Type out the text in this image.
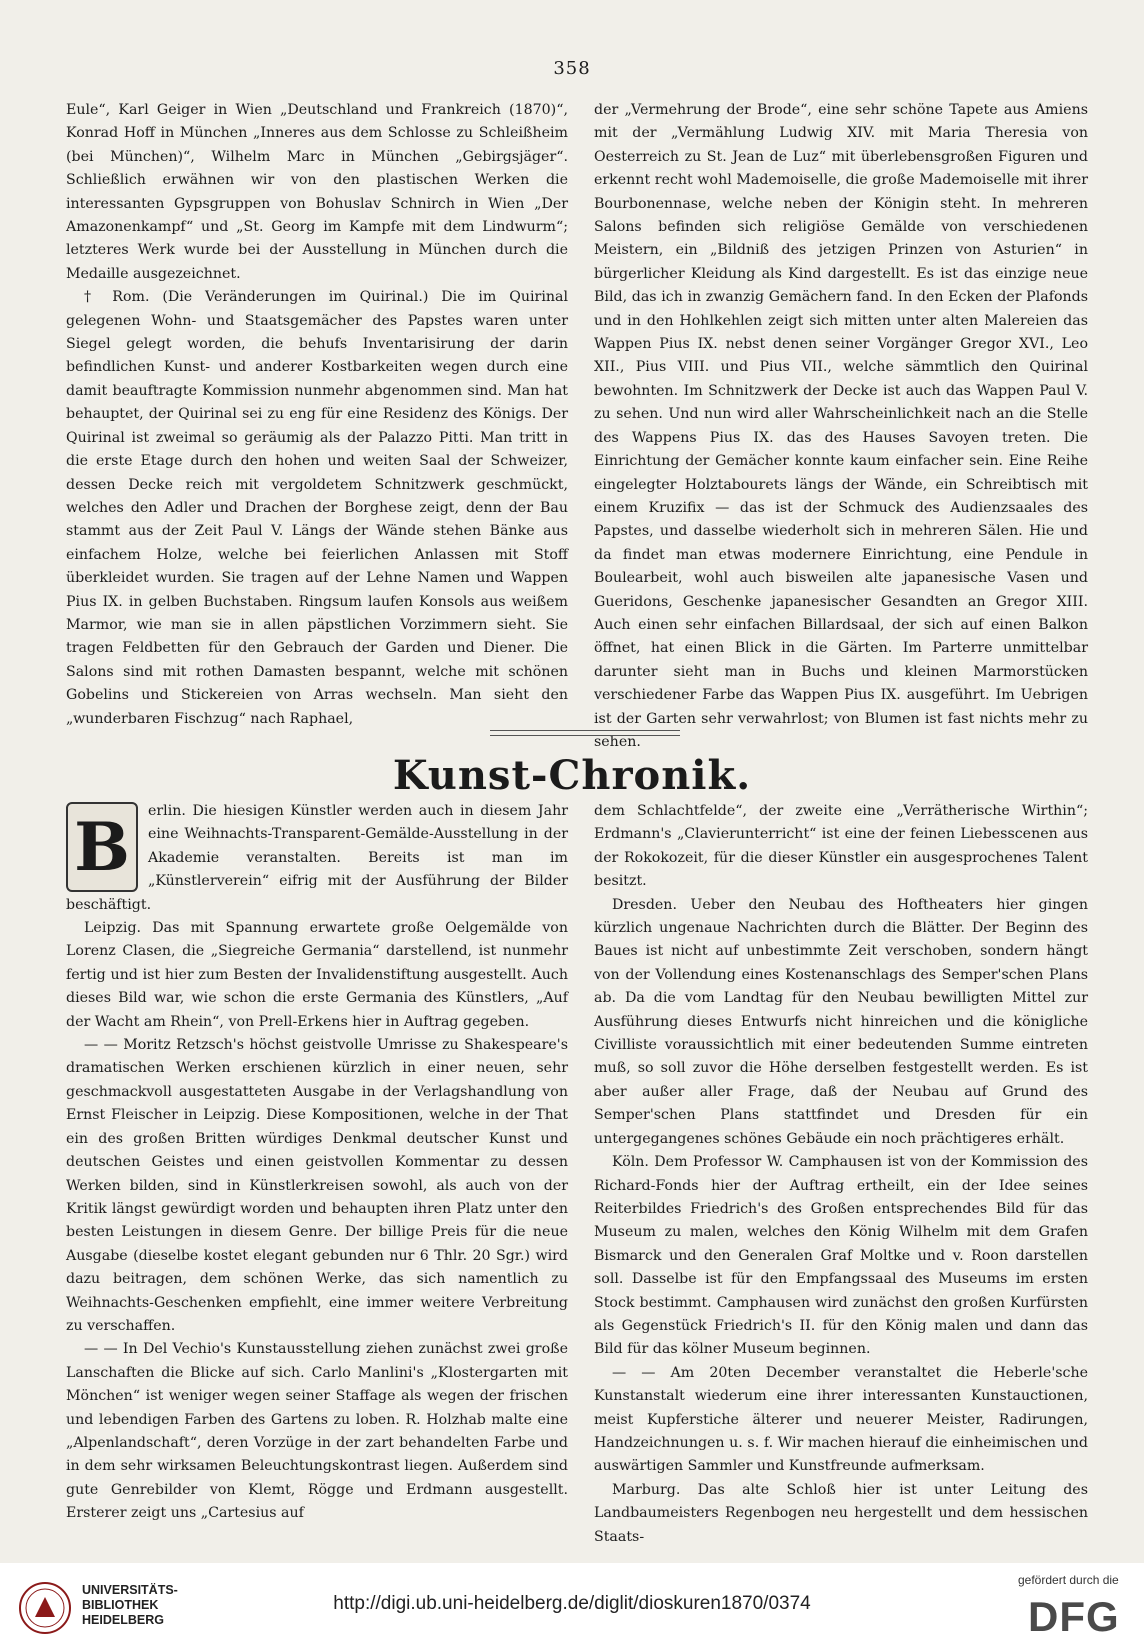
358

Eule“, Karl Geiger in Wien „Deutschland und Frankreich (1870)“, Konrad Hoff in München „Inneres aus dem Schlosse zu Schleißheim (bei München)“, Wilhelm Marc in München „Gebirgsjäger“. Schließlich erwähnen wir von den plastischen Werken die interessanten Gypsgruppen von Bohuslav Schnirch in Wien „Der Amazonenkampf“ und „St. Georg im Kampfe mit dem Lindwurm“; letzteres Werk wurde bei der Ausstellung in München durch die Medaille ausgezeichnet.

† Rom. (Die Veränderungen im Quirinal.) Die im Quirinal gelegenen Wohn- und Staatsgemächer des Papstes waren unter Siegel gelegt worden, die behufs Inventarisirung der darin befindlichen Kunst- und anderer Kostbarkeiten wegen durch eine damit beauftragte Kommission nunmehr abgenommen sind. Man hat behauptet, der Quirinal sei zu eng für eine Residenz des Königs. Der Quirinal ist zweimal so geräumig als der Palazzo Pitti. Man tritt in die erste Etage durch den hohen und weiten Saal der Schweizer, dessen Decke reich mit vergoldetem Schnitzwerk geschmückt, welches den Adler und Drachen der Borghese zeigt, denn der Bau stammt aus der Zeit Paul V. Längs der Wände stehen Bänke aus einfachem Holze, welche bei feierlichen Anlassen mit Stoff überkleidet wurden. Sie tragen auf der Lehne Namen und Wappen Pius IX. in gelben Buchstaben. Ringsum laufen Konsols aus weißem Marmor, wie man sie in allen päpstlichen Vorzimmern sieht. Sie tragen Feldbetten für den Gebrauch der Garden und Diener. Die Salons sind mit rothen Damasten bespannt, welche mit schönen Gobelins und Stickereien von Arras wechseln. Man sieht den „wunderbaren Fischzug“ nach Raphael,

der „Vermehrung der Brode“, eine sehr schöne Tapete aus Amiens mit der „Vermählung Ludwig XIV. mit Maria Theresia von Oesterreich zu St. Jean de Luz“ mit überlebensgroßen Figuren und erkennt recht wohl Mademoiselle, die große Mademoiselle mit ihrer Bourbonennase, welche neben der Königin steht. In mehreren Salons befinden sich religiöse Gemälde von verschiedenen Meistern, ein „Bildniß des jetzigen Prinzen von Asturien“ in bürgerlicher Kleidung als Kind dargestellt. Es ist das einzige neue Bild, das ich in zwanzig Gemächern fand. In den Ecken der Plafonds und in den Hohlkehlen zeigt sich mitten unter alten Malereien das Wappen Pius IX. nebst denen seiner Vorgänger Gregor XVI., Leo XII., Pius VIII. und Pius VII., welche sämmtlich den Quirinal bewohnten. Im Schnitzwerk der Decke ist auch das Wappen Paul V. zu sehen. Und nun wird aller Wahrscheinlichkeit nach an die Stelle des Wappens Pius IX. das des Hauses Savoyen treten. Die Einrichtung der Gemächer konnte kaum einfacher sein. Eine Reihe eingelegter Holztabourets längs der Wände, ein Schreibtisch mit einem Kruzifix — das ist der Schmuck des Audienzsaales des Papstes, und dasselbe wiederholt sich in mehreren Sälen. Hie und da findet man etwas modernere Einrichtung, eine Pendule in Boulearbeit, wohl auch bisweilen alte japanesische Vasen und Gueridons, Geschenke japanesischer Gesandten an Gregor XIII. Auch einen sehr einfachen Billardsaal, der sich auf einen Balkon öffnet, hat einen Blick in die Gärten. Im Parterre unmittelbar darunter sieht man in Buchs und kleinen Marmorstücken verschiedener Farbe das Wappen Pius IX. ausgeführt. Im Uebrigen ist der Garten sehr verwahrlost; von Blumen ist fast nichts mehr zu sehen.

Kunst-Chronik.
B	erlin. Die hiesigen Künstler werden auch in diesem Jahr eine Weihnachts-Transparent-Gemälde-Ausstellung in der Akademie veranstalten. Bereits ist man im „Künstlerverein“ eifrig mit der Ausführung der Bilder beschäftigt.

Leipzig. Das mit Spannung erwartete große Oelgemälde von Lorenz Clasen, die „Siegreiche Germania“ darstellend, ist nunmehr fertig und ist hier zum Besten der Invalidenstiftung ausgestellt. Auch dieses Bild war, wie schon die erste Germania des Künstlers, „Auf der Wacht am Rhein“, von Prell-Erkens hier in Auftrag gegeben.

— — Moritz Retzsch's höchst geistvolle Umrisse zu Shakespeare's dramatischen Werken erschienen kürzlich in einer neuen, sehr geschmackvoll ausgestatteten Ausgabe in der Verlagshandlung von Ernst Fleischer in Leipzig. Diese Kompositionen, welche in der That ein des großen Britten würdiges Denkmal deutscher Kunst und deutschen Geistes und einen geistvollen Kommentar zu dessen Werken bilden, sind in Künstlerkreisen sowohl, als auch von der Kritik längst gewürdigt worden und behaupten ihren Platz unter den besten Leistungen in diesem Genre. Der billige Preis für die neue Ausgabe (dieselbe kostet elegant gebunden nur 6 Thlr. 20 Sgr.) wird dazu beitragen, dem schönen Werke, das sich namentlich zu Weihnachts-Geschenken empfiehlt, eine immer weitere Verbreitung zu verschaffen.

— — In Del Vechio's Kunstausstellung ziehen zunächst zwei große Lanschaften die Blicke auf sich. Carlo Manlini's „Klostergarten mit Mönchen“ ist weniger wegen seiner Staffage als wegen der frischen und lebendigen Farben des Gartens zu loben. R. Holzhab malte eine „Alpenlandschaft“, deren Vorzüge in der zart behandelten Farbe und in dem sehr wirksamen Beleuchtungskontrast liegen. Außerdem sind gute Genrebilder von Klemt, Rögge und Erdmann ausgestellt. Ersterer zeigt uns „Cartesius auf

dem Schlachtfelde“, der zweite eine „Verrätherische Wirthin“; Erdmann's „Clavierunterricht“ ist eine der feinen Liebesscenen aus der Rokokozeit, für die dieser Künstler ein ausgesprochenes Talent besitzt.

Dresden. Ueber den Neubau des Hoftheaters hier gingen kürzlich ungenaue Nachrichten durch die Blätter. Der Beginn des Baues ist nicht auf unbestimmte Zeit verschoben, sondern hängt von der Vollendung eines Kostenanschlags des Semper'schen Plans ab. Da die vom Landtag für den Neubau bewilligten Mittel zur Ausführung dieses Entwurfs nicht hinreichen und die königliche Civilliste voraussichtlich mit einer bedeutenden Summe eintreten muß, so soll zuvor die Höhe derselben festgestellt werden. Es ist aber außer aller Frage, daß der Neubau auf Grund des Semper'schen Plans stattfindet und Dresden für ein untergegangenes schönes Gebäude ein noch prächtigeres erhält.

Köln. Dem Professor W. Camphausen ist von der Kommission des Richard-Fonds hier der Auftrag ertheilt, ein der Idee seines Reiterbildes Friedrich's des Großen entsprechendes Bild für das Museum zu malen, welches den König Wilhelm mit dem Grafen Bismarck und den Generalen Graf Moltke und v. Roon darstellen soll. Dasselbe ist für den Empfangssaal des Museums im ersten Stock bestimmt. Camphausen wird zunächst den großen Kurfürsten als Gegenstück Friedrich's II. für den König malen und dann das Bild für das kölner Museum beginnen.

— — Am 20ten December veranstaltet die Heberle'sche Kunstanstalt wiederum eine ihrer interessanten Kunstauctionen, meist Kupferstiche älterer und neuerer Meister, Radirungen, Handzeichnungen u. s. f. Wir machen hierauf die einheimischen und auswärtigen Sammler und Kunstfreunde aufmerksam.

Marburg. Das alte Schloß hier ist unter Leitung des Landbaumeisters Regenbogen neu hergestellt und dem hessischen Staats-

UNIVERSITÄTS-
BIBLIOTHEK
HEIDELBERG
http://digi.ub.uni-heidelberg.de/diglit/dioskuren1870/0374
gefördert durch die
DFG
